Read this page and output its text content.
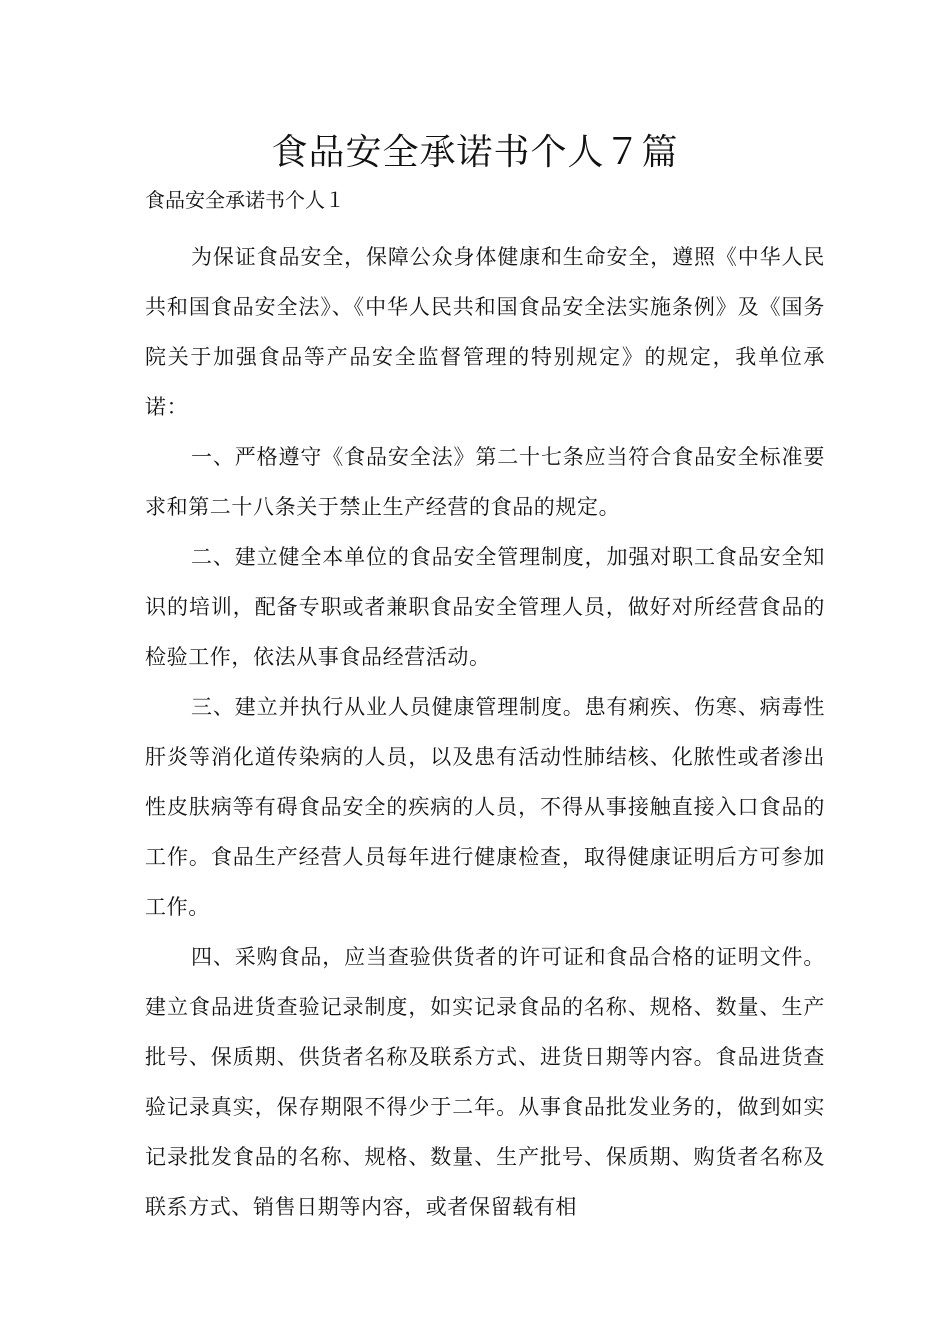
食品安全承诺书个人７篇

食品安全承诺书个人１

为保证食品安全，保障公众身体健康和生命安全，遵照《中华人民共和国食品安全法》、《中华人民共和国食品安全法实施条例》及《国务院关于加强食品等产品安全监督管理的特别规定》的规定，我单位承诺：

一、严格遵守《食品安全法》第二十七条应当符合食品安全标准要求和第二十八条关于禁止生产经营的食品的规定。

二、建立健全本单位的食品安全管理制度，加强对职工食品安全知识的培训，配备专职或者兼职食品安全管理人员，做好对所经营食品的检验工作，依法从事食品经营活动。

三、建立并执行从业人员健康管理制度。患有痢疾、伤寒、病毒性肝炎等消化道传染病的人员，以及患有活动性肺结核、化脓性或者渗出性皮肤病等有碍食品安全的疾病的人员，不得从事接触直接入口食品的工作。食品生产经营人员每年进行健康检查，取得健康证明后方可参加工作。

四、采购食品，应当查验供货者的许可证和食品合格的证明文件。建立食品进货查验记录制度，如实记录食品的名称、规格、数量、生产批号、保质期、供货者名称及联系方式、进货日期等内容。食品进货查验记录真实，保存期限不得少于二年。从事食品批发业务的，做到如实记录批发食品的名称、规格、数量、生产批号、保质期、购货者名称及联系方式、销售日期等内容，或者保留载有相
